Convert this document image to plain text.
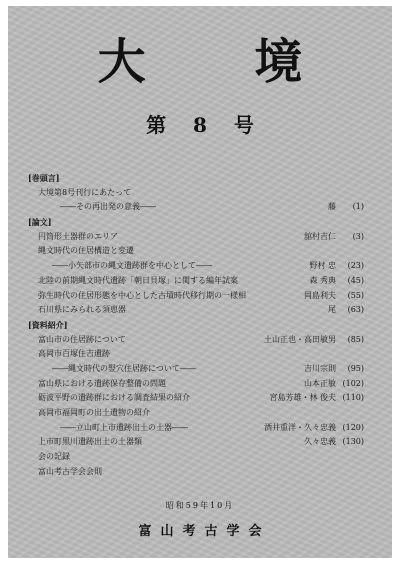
大 境
第 8 号
[巻頭言]
大境第8号刊行にあたって
――その再出発の意義――	藤	(1)
[論文]
円筒形土器群のエリア	舘村吉仁	(3)
縄文時代の住居構造と変遷
――小矢部市の縄文遺跡群を中心として――	野村 忠	(23)
北陸の前期縄文時代遺跡「朝日貝塚」に関する編年試案	森 秀典	(45)
弥生時代の住居形態を中心とした古墳時代移行期の一様相	岡島利夫	(55)
石川県にみられる須恵器	尾	(63)
[資料紹介]
富山市の住居跡について	土山正也・高田敏男	(85)
高岡市百塚住吉遺跡
――縄文時代の竪穴住居跡について――	吉川宗則	(95)
富山県における遺跡保存整備の問題	山本正敏 (102)
砺波平野の遺跡群における調査結果の紹介	宮島芳雄・林 俊夫 (110)
高岡市福岡町の出土遺物の紹介
――立山町上市遺跡出土の土器――	酒井重洋・久々忠義 (120)
上市町黒川遺跡出土の土器類	久々忠義 (130)
会の記録
富山考古学会会則
昭和59年10月
富山考古学会
